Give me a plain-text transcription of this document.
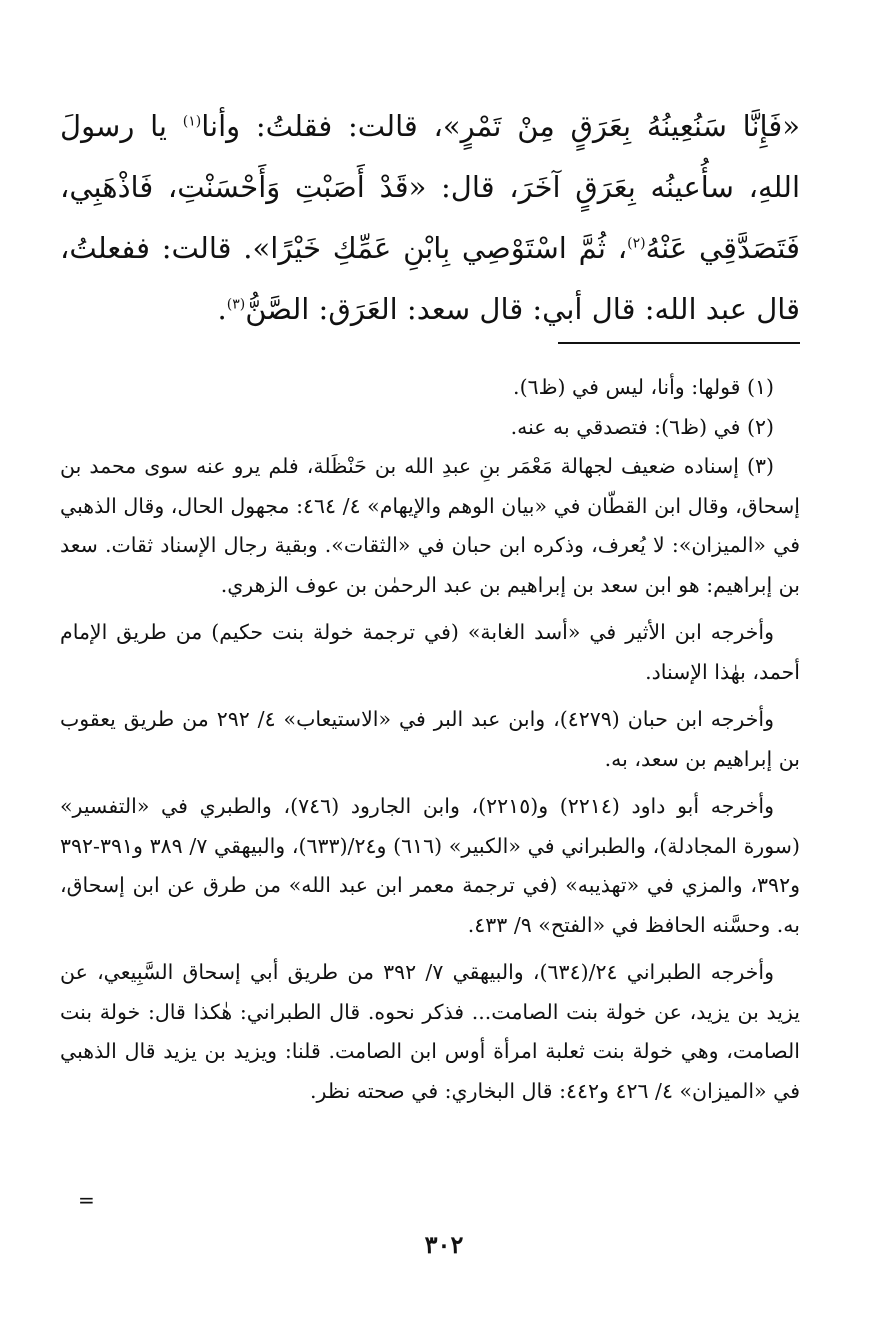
«فَإِنَّا سَنُعِينُهُ بِعَرَقٍ مِنْ تَمْرٍ»، قالت: فقلتُ: وأنا$^{(١)}$ يا رسولَ اللهِ، سأُعينُه بِعَرَقٍ آخَرَ، قال: «قَدْ أَصَبْتِ وَأَحْسَنْتِ، فَاذْهَبِي، فَتَصَدَّقِي عَنْهُ$^{(٢)}$، ثُمَّ اسْتَوْصِي بِابْنِ عَمِّكِ خَيْرًا». قالت: ففعلتُ، قال عبد الله: قال أبي: قال سعد: العَرَق: الصَّنُّ$^{(٣)}$.

(١) قولها: وأنا، ليس في (ظ٦).

(٢) في (ظ٦): فتصدقي به عنه.

(٣) إسناده ضعيف لجهالة مَعْمَر بنِ عبدِ الله بن حَنْظَلة، فلم يرو عنه سوى محمد بن إسحاق، وقال ابن القطّان في «بيان الوهم والإيهام» ٤/ ٤٦٤: مجهول الحال، وقال الذهبي في «الميزان»: لا يُعرف، وذكره ابن حبان في «الثقات». وبقية رجال الإسناد ثقات. سعد بن إبراهيم: هو ابن سعد بن إبراهيم بن عبد الرحمٰن بن عوف الزهري.

وأخرجه ابن الأثير في «أسد الغابة» (في ترجمة خولة بنت حكيم) من طريق الإمام أحمد، بهٰذا الإسناد.

وأخرجه ابن حبان (٤٢٧٩)، وابن عبد البر في «الاستيعاب» ٤/ ٢٩٢ من طريق يعقوب بن إبراهيم بن سعد، به.

وأخرجه أبو داود (٢٢١٤) و(٢٢١٥)، وابن الجارود (٧٤٦)، والطبري في «التفسير» (سورة المجادلة)، والطبراني في «الكبير» (٦١٦) و٢٤/(٦٣٣)، والبيهقي ٧/ ٣٨٩ و٣٩١-٣٩٢ و٣٩٢، والمزي في «تهذيبه» (في ترجمة معمر ابن عبد الله» من طرق عن ابن إسحاق، به. وحسَّنه الحافظ في «الفتح» ٩/ ٤٣٣.

وأخرجه الطبراني ٢٤/(٦٣٤)، والبيهقي ٧/ ٣٩٢ من طريق أبي إسحاق السَّبِيعي، عن يزيد بن يزيد، عن خولة بنت الصامت... فذكر نحوه. قال الطبراني: هٰكذا قال: خولة بنت الصامت، وهي خولة بنت ثعلبة امرأة أوس ابن الصامت. قلنا: ويزيد بن يزيد قال الذهبي في «الميزان» ٤/ ٤٢٦ و٤٤٢: قال البخاري: في صحته نظر.

=
٣٠٢
